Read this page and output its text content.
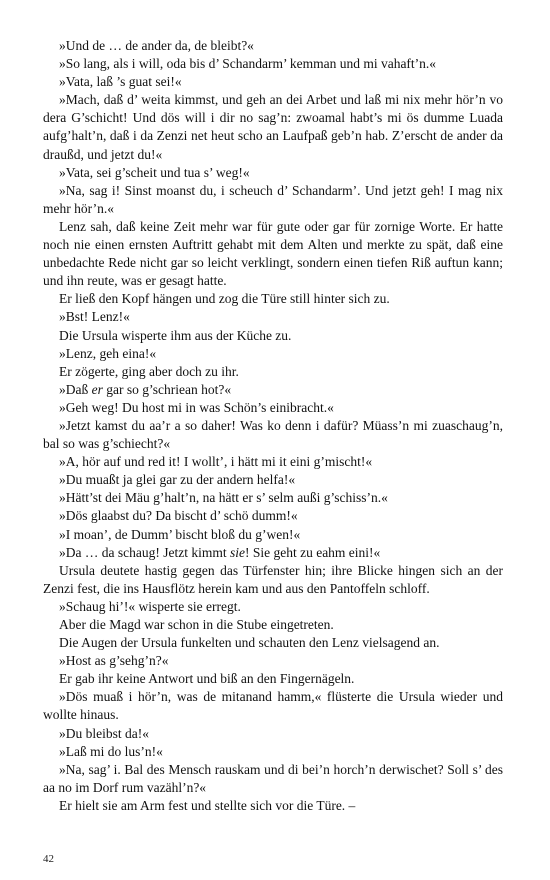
»Und de … de ander da, de bleibt?«

»So lang, als i will, oda bis d’ Schandarm’ kemman und mi vahaft’n.«

»Vata, laß ’s guat sei!«

»Mach, daß d’ weita kimmst, und geh an dei Arbet und laß mi nix mehr hör’n vo dera G’schicht! Und dös will i dir no sag’n: zwoamal habt’s mi ös dumme Luada aufg’halt’n, daß i da Zenzi net heut scho an Laufpaß geb’n hab. Z’erscht de ander da draußd, und jetzt du!«

»Vata, sei g’scheit und tua s’ weg!«

»Na, sag i! Sinst moanst du, i scheuch d’ Schandarm’. Und jetzt geh! I mag nix mehr hör’n.«

Lenz sah, daß keine Zeit mehr war für gute oder gar für zornige Worte. Er hatte noch nie einen ernsten Auftritt gehabt mit dem Alten und merkte zu spät, daß eine unbedachte Rede nicht gar so leicht verklingt, sondern einen tiefen Riß auftun kann; und ihn reute, was er gesagt hatte.

Er ließ den Kopf hängen und zog die Türe still hinter sich zu.

»Bst! Lenz!«

Die Ursula wisperte ihm aus der Küche zu.

»Lenz, geh eina!«

Er zögerte, ging aber doch zu ihr.

»Daß er gar so g’schriean hot?«

»Geh weg! Du host mi in was Schön’s einibracht.«

»Jetzt kamst du aa’r a so daher! Was ko denn i dafür? Müass’n mi zuaschaug’n, bal so was g’schiecht?«

»A, hör auf und red it! I wollt’, i hätt mi it eini g’mischt!«

»Du muaßt ja glei gar zu der andern helfa!«

»Hätt’st dei Mäu g’halt’n, na hätt er s’ selm außi g’schiss’n.«

»Dös glaabst du? Da bischt d’ schö dumm!«

»I moan’, de Dumm’ bischt bloß du g’wen!«

»Da … da schaug! Jetzt kimmt sie! Sie geht zu eahm eini!«

Ursula deutete hastig gegen das Türfenster hin; ihre Blicke hingen sich an der Zenzi fest, die ins Hausflötz herein kam und aus den Pantoffeln schloff.

»Schaug hi’!« wisperte sie erregt.

Aber die Magd war schon in die Stube eingetreten.

Die Augen der Ursula funkelten und schauten den Lenz vielsagend an.

»Host as g’sehg’n?«

Er gab ihr keine Antwort und biß an den Fingernägeln.

»Dös muaß i hör’n, was de mitanand hamm,« flüsterte die Ursula wieder und wollte hinaus.

»Du bleibst da!«

»Laß mi do lus’n!«

»Na, sag’ i. Bal des Mensch rauskam und di bei’n horch’n derwischet? Soll s’ des aa no im Dorf rum vazähl’n?«

Er hielt sie am Arm fest und stellte sich vor die Türe. –

42
